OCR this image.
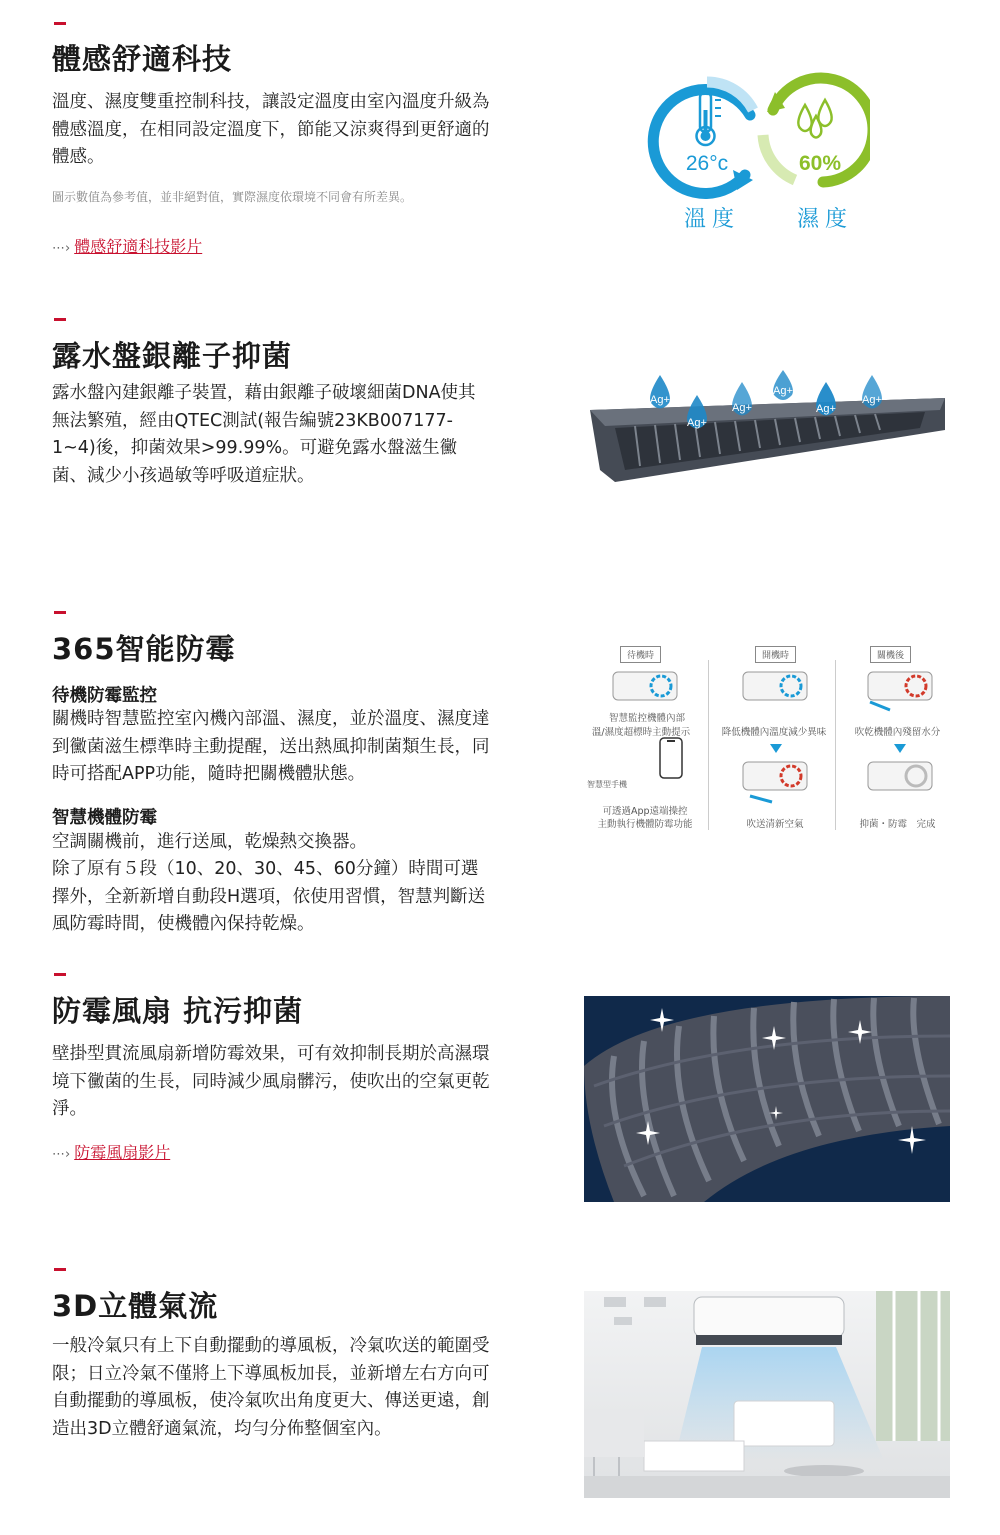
體感舒適科技
溫度、濕度雙重控制科技，讓設定溫度由室內溫度升級為體感溫度，在相同設定溫度下，節能又涼爽得到更舒適的體感。
圖示數值為參考值，並非絕對值，實際濕度依環境不同會有所差異。
⋯› 體感舒適科技影片
26°c	60%
溫度	濕度
露水盤銀離子抑菌
露水盤內建銀離子裝置，藉由銀離子破壞細菌DNA使其無法繁殖，經由QTEC測試(報告編號23KB007177-1~4)後，抑菌效果>99.99%。可避免露水盤滋生黴菌、減少小孩過敏等呼吸道症狀。
Ag+
Ag+
Ag+
Ag+
Ag+
Ag+
365智能防霉
待機防霉監控
關機時智慧監控室內機內部溫、濕度，並於溫度、濕度達到黴菌滋生標準時主動提醒，送出熱風抑制菌類生長，同時可搭配APP功能，隨時把關機體狀態。
智慧機體防霉
空調關機前，進行送風，乾燥熱交換器。
除了原有５段（10、20、30、45、60分鐘）時間可選擇外，全新新增自動段H選項，依使用習慣，智慧判斷送風防霉時間，使機體內保持乾燥。
待機時	開機時	關機後
智慧監控機體內部
溫/濕度超標時主動提示
智慧型手機
可透過App遠端操控
主動執行機體防霉功能
降低機體內溫度減少異味
吹送清新空氣
吹乾機體內殘留水分
抑菌・防霉　完成
防霉風扇 抗污抑菌
壁掛型貫流風扇新增防霉效果，可有效抑制長期於高濕環境下黴菌的生長，同時減少風扇髒污，使吹出的空氣更乾淨。
⋯› 防霉風扇影片
3D立體氣流
一般冷氣只有上下自動擺動的導風板，冷氣吹送的範圍受限；日立冷氣不僅將上下導風板加長，並新增左右方向可自動擺動的導風板，使冷氣吹出角度更大、傳送更遠，創造出3D立體舒適氣流，均勻分佈整個室內。
